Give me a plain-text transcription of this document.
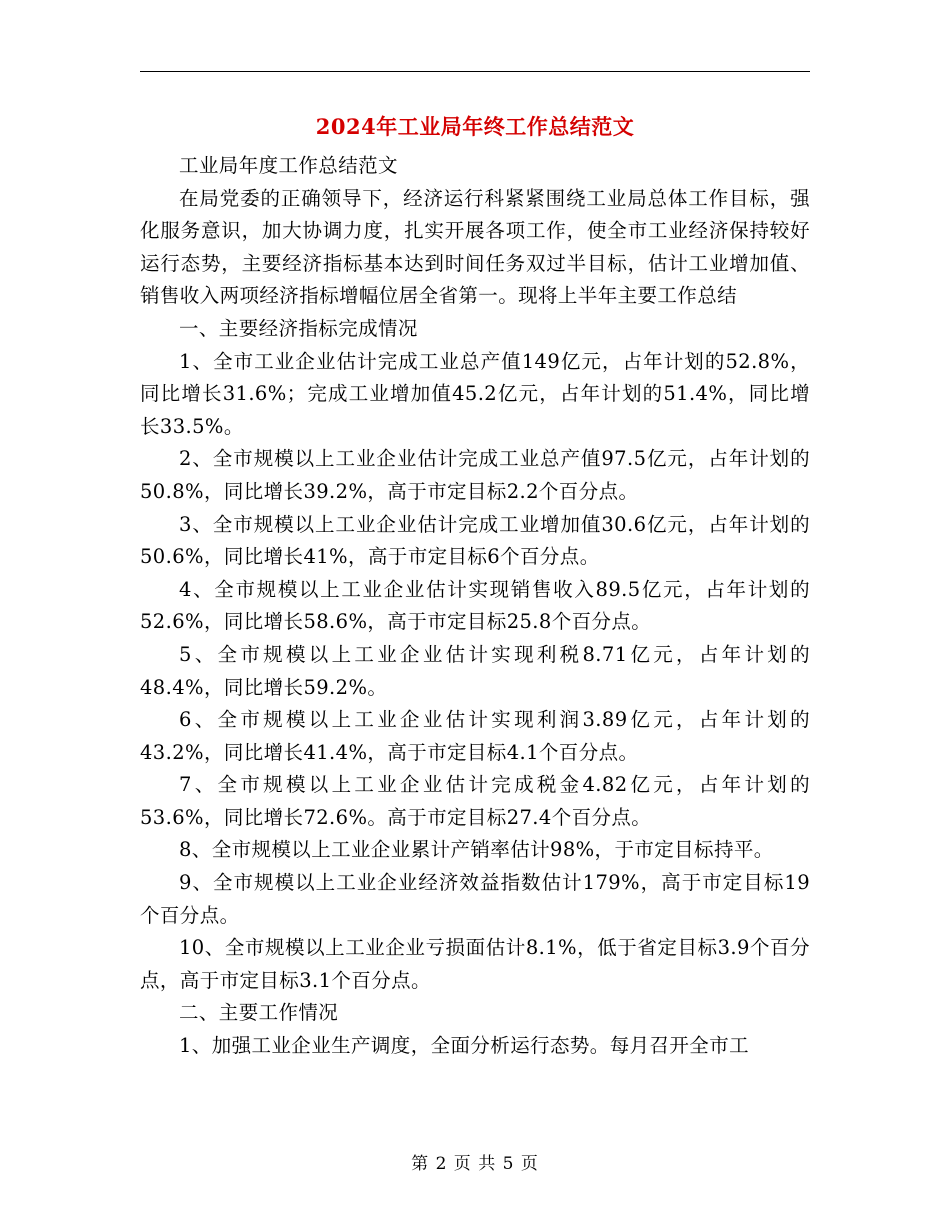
2024年工业局年终工作总结范文

工业局年度工作总结范文

在局党委的正确领导下，经济运行科紧紧围绕工业局总体工作目标，强化服务意识，加大协调力度，扎实开展各项工作，使全市工业经济保持较好运行态势，主要经济指标基本达到时间任务双过半目标，估计工业增加值、销售收入两项经济指标增幅位居全省第一。现将上半年主要工作总结

一、主要经济指标完成情况

1、全市工业企业估计完成工业总产值149亿元，占年计划的52.8%，同比增长31.6%；完成工业增加值45.2亿元，占年计划的51.4%，同比增长33.5%。

2、全市规模以上工业企业估计完成工业总产值97.5亿元，占年计划的50.8%，同比增长39.2%，高于市定目标2.2个百分点。

3、全市规模以上工业企业估计完成工业增加值30.6亿元，占年计划的50.6%，同比增长41%，高于市定目标6个百分点。

4、全市规模以上工业企业估计实现销售收入89.5亿元，占年计划的52.6%，同比增长58.6%，高于市定目标25.8个百分点。

5、全市规模以上工业企业估计实现利税8.71亿元，占年计划的48.4%，同比增长59.2%。

6、全市规模以上工业企业估计实现利润3.89亿元，占年计划的43.2%，同比增长41.4%，高于市定目标4.1个百分点。

7、全市规模以上工业企业估计完成税金4.82亿元，占年计划的53.6%，同比增长72.6%。高于市定目标27.4个百分点。

8、全市规模以上工业企业累计产销率估计98%，于市定目标持平。

9、全市规模以上工业企业经济效益指数估计179%，高于市定目标19个百分点。

10、全市规模以上工业企业亏损面估计8.1%，低于省定目标3.9个百分点，高于市定目标3.1个百分点。

二、主要工作情况

1、加强工业企业生产调度，全面分析运行态势。每月召开全市工

第 2 页 共 5 页
